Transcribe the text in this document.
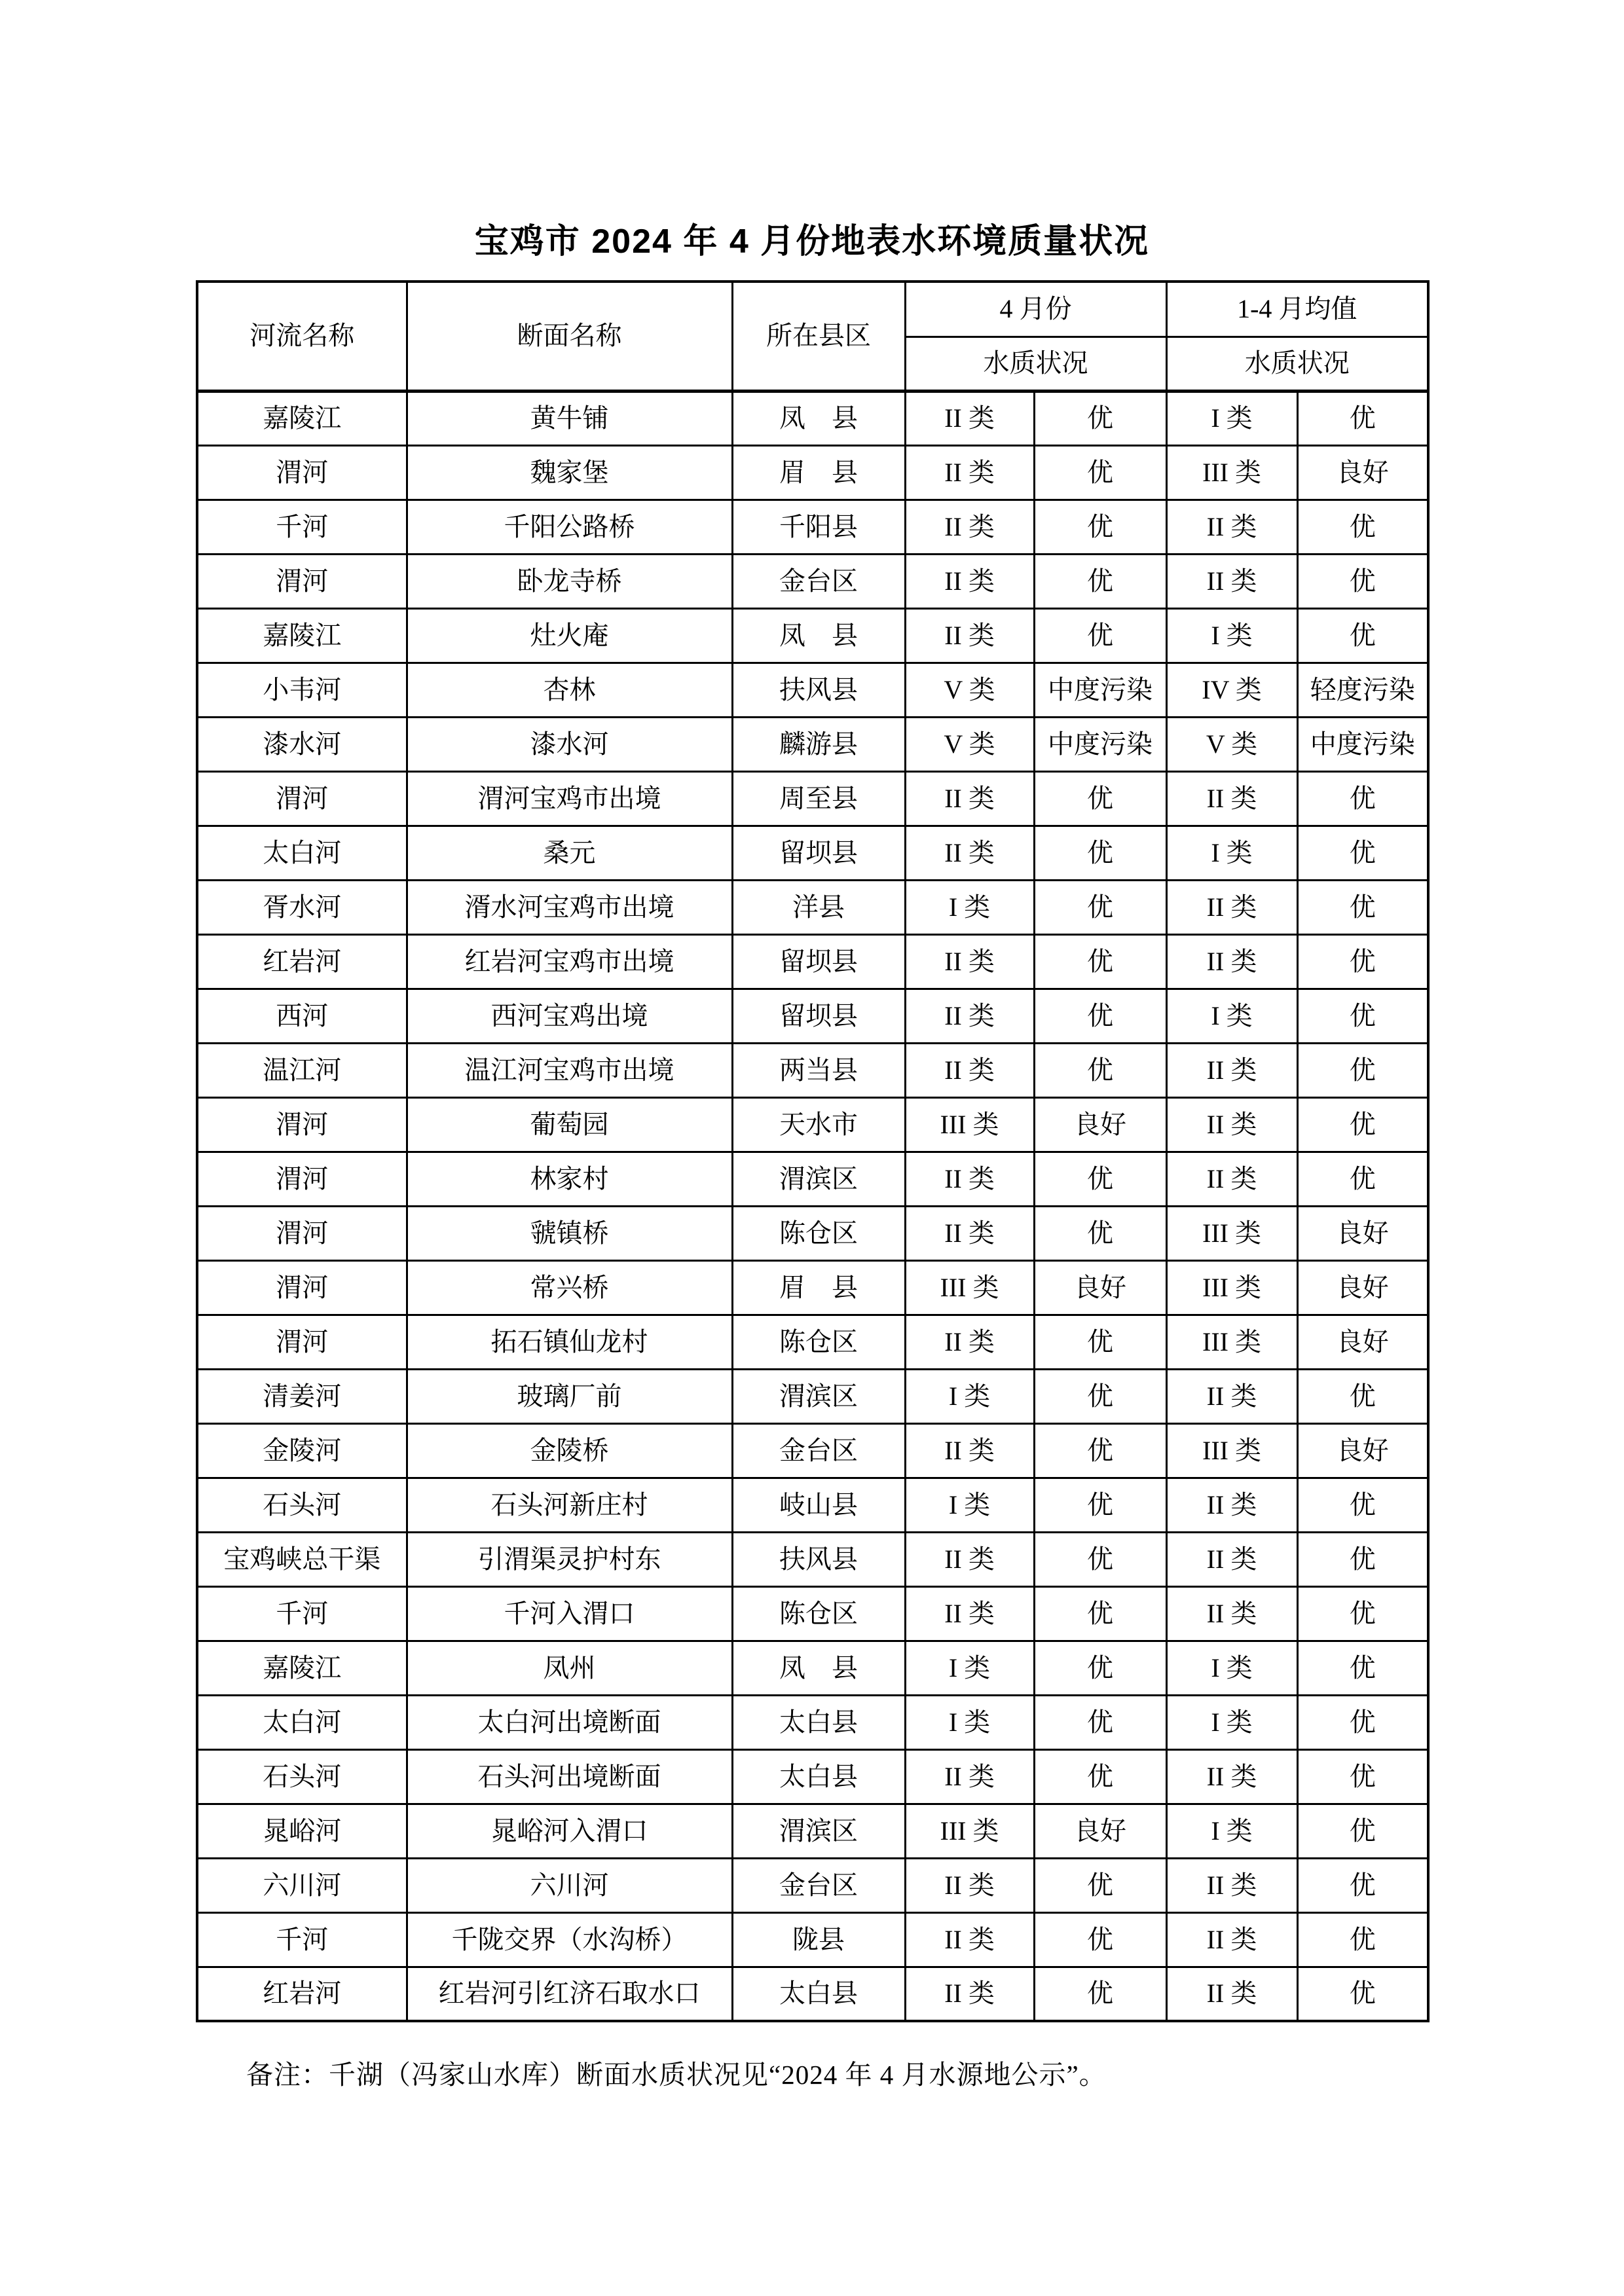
宝鸡市 2024 年 4 月份地表水环境质量状况
河流名称	断面名称	所在县区	4 月份		1-4 月均值	
			水质状况		水质状况	
嘉陵江	黄牛铺	凤　县	II 类	优	I 类	优
渭河	魏家堡	眉　县	II 类	优	III 类	良好
千河	千阳公路桥	千阳县	II 类	优	II 类	优
渭河	卧龙寺桥	金台区	II 类	优	II 类	优
嘉陵江	灶火庵	凤　县	II 类	优	I 类	优
小韦河	杏林	扶风县	V 类	中度污染	IV 类	轻度污染
漆水河	漆水河	麟游县	V 类	中度污染	V 类	中度污染
渭河	渭河宝鸡市出境	周至县	II 类	优	II 类	优
太白河	桑元	留坝县	II 类	优	I 类	优
胥水河	湑水河宝鸡市出境	洋县	I 类	优	II 类	优
红岩河	红岩河宝鸡市出境	留坝县	II 类	优	II 类	优
西河	西河宝鸡出境	留坝县	II 类	优	I 类	优
温江河	温江河宝鸡市出境	两当县	II 类	优	II 类	优
渭河	葡萄园	天水市	III 类	良好	II 类	优
渭河	林家村	渭滨区	II 类	优	II 类	优
渭河	虢镇桥	陈仓区	II 类	优	III 类	良好
渭河	常兴桥	眉　县	III 类	良好	III 类	良好
渭河	拓石镇仙龙村	陈仓区	II 类	优	III 类	良好
清姜河	玻璃厂前	渭滨区	I 类	优	II 类	优
金陵河	金陵桥	金台区	II 类	优	III 类	良好
石头河	石头河新庄村	岐山县	I 类	优	II 类	优
宝鸡峡总干渠	引渭渠灵护村东	扶风县	II 类	优	II 类	优
千河	千河入渭口	陈仓区	II 类	优	II 类	优
嘉陵江	凤州	凤　县	I 类	优	I 类	优
太白河	太白河出境断面	太白县	I 类	优	I 类	优
石头河	石头河出境断面	太白县	II 类	优	II 类	优
晁峪河	晁峪河入渭口	渭滨区	III 类	良好	I 类	优
六川河	六川河	金台区	II 类	优	II 类	优
千河	千陇交界（水沟桥）	陇县	II 类	优	II 类	优
红岩河	红岩河引红济石取水口	太白县	II 类	优	II 类	优

备注：千湖（冯家山水库）断面水质状况见“2024 年 4 月水源地公示”。
